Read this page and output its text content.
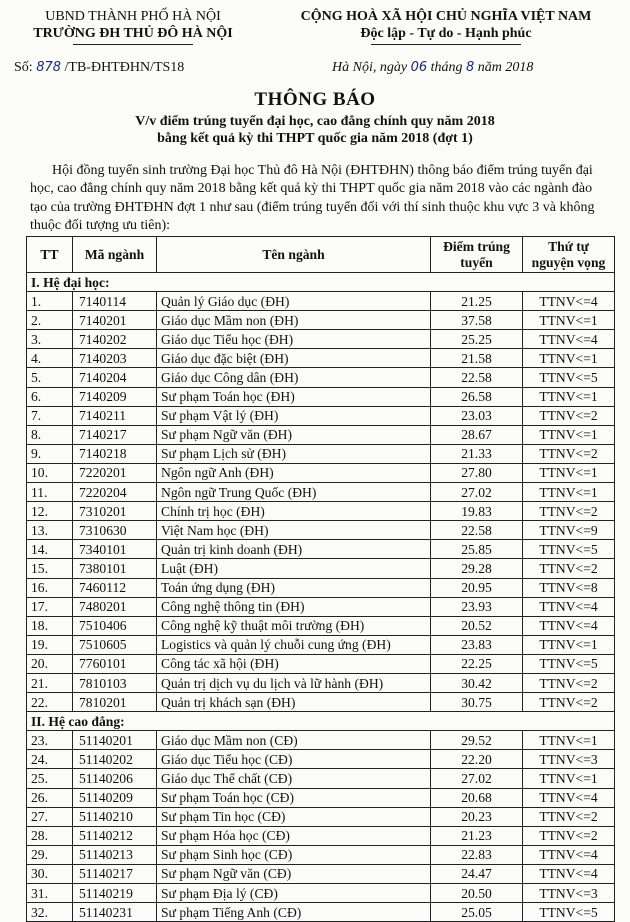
UBND THÀNH PHỐ HÀ NỘI
TRƯỜNG ĐH THỦ ĐÔ HÀ NỘI
CỘNG HOÀ XÃ HỘI CHỦ NGHĨA VIỆT NAM
Độc lập - Tự do - Hạnh phúc
Số: 878 /TB-ĐHTĐHN/TS18	Hà Nội, ngày 06 tháng 8 năm 2018
THÔNG BÁO
V/v điểm trúng tuyển đại học, cao đẳng chính quy năm 2018
bằng kết quả kỳ thi THPT quốc gia năm 2018 (đợt 1)
Hội đồng tuyển sinh trường Đại học Thủ đô Hà Nội (ĐHTĐHN) thông báo điểm trúng tuyển đại học, cao đẳng chính quy năm 2018 bằng kết quả kỳ thi THPT quốc gia năm 2018 vào các ngành đào tạo của trường ĐHTĐHN đợt 1 như sau (điểm trúng tuyển đối với thí sinh thuộc khu vực 3 và không thuộc đối tượng ưu tiên):
TT	Mã ngành	Tên ngành	Điểm trúng tuyển	Thứ tự nguyện vọng
I. Hệ đại học:				
1.	7140114	Quản lý Giáo dục (ĐH)	21.25	TTNV<=4
2.	7140201	Giáo dục Mầm non (ĐH)	37.58	TTNV<=1
3.	7140202	Giáo dục Tiểu học (ĐH)	25.25	TTNV<=4
4.	7140203	Giáo dục đặc biệt (ĐH)	21.58	TTNV<=1
5.	7140204	Giáo dục Công dân (ĐH)	22.58	TTNV<=5
6.	7140209	Sư phạm Toán học (ĐH)	26.58	TTNV<=1
7.	7140211	Sư phạm Vật lý (ĐH)	23.03	TTNV<=2
8.	7140217	Sư phạm Ngữ văn (ĐH)	28.67	TTNV<=1
9.	7140218	Sư phạm Lịch sử (ĐH)	21.33	TTNV<=2
10.	7220201	Ngôn ngữ Anh (ĐH)	27.80	TTNV<=1
11.	7220204	Ngôn ngữ Trung Quốc (ĐH)	27.02	TTNV<=1
12.	7310201	Chính trị học (ĐH)	19.83	TTNV<=2
13.	7310630	Việt Nam học (ĐH)	22.58	TTNV<=9
14.	7340101	Quản trị kinh doanh (ĐH)	25.85	TTNV<=5
15.	7380101	Luật (ĐH)	29.28	TTNV<=2
16.	7460112	Toán ứng dụng (ĐH)	20.95	TTNV<=8
17.	7480201	Công nghệ thông tin (ĐH)	23.93	TTNV<=4
18.	7510406	Công nghệ kỹ thuật môi trường (ĐH)	20.52	TTNV<=4
19.	7510605	Logistics và quản lý chuỗi cung ứng (ĐH)	23.83	TTNV<=1
20.	7760101	Công tác xã hội (ĐH)	22.25	TTNV<=5
21.	7810103	Quản trị dịch vụ du lịch và lữ hành (ĐH)	30.42	TTNV<=2
22.	7810201	Quản trị khách sạn (ĐH)	30.75	TTNV<=2
II. Hệ cao đẳng:				
23.	51140201	Giáo dục Mầm non (CĐ)	29.52	TTNV<=1
24.	51140202	Giáo dục Tiểu học (CĐ)	22.20	TTNV<=3
25.	51140206	Giáo dục Thể chất (CĐ)	27.02	TTNV<=1
26.	51140209	Sư phạm Toán học (CĐ)	20.68	TTNV<=4
27.	51140210	Sư phạm Tin học (CĐ)	20.23	TTNV<=2
28.	51140212	Sư phạm Hóa học (CĐ)	21.23	TTNV<=2
29.	51140213	Sư phạm Sinh học (CĐ)	22.83	TTNV<=4
30.	51140217	Sư phạm Ngữ văn (CĐ)	24.47	TTNV<=4
31.	51140219	Sư phạm Địa lý (CĐ)	20.50	TTNV<=3
32.	51140231	Sư phạm Tiếng Anh (CĐ)	25.05	TTNV<=5
